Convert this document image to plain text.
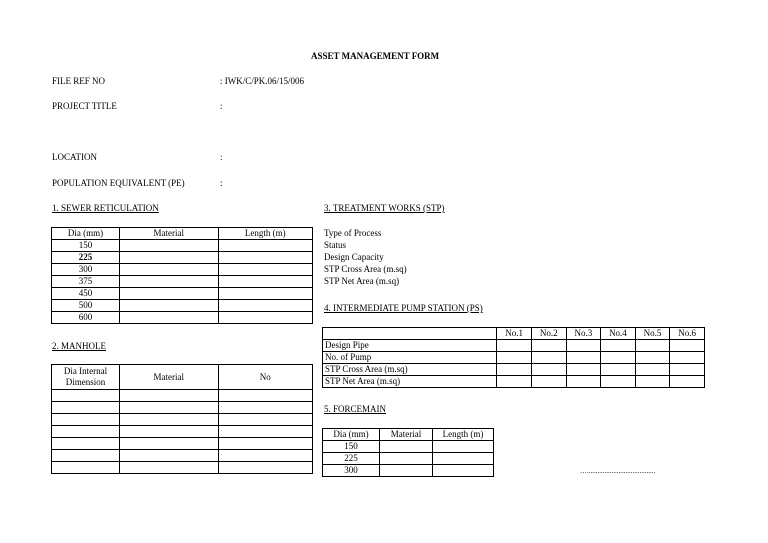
ASSET MANAGEMENT FORM
FILE REF NO	: IWK/C/PK.06/15/006
PROJECT TITLE	:
LOCATION	:
POPULATION EQUIVALENT (PE)	:
1. SEWER RETICULATION
Dia (mm)	Material	Length (m)
150		
225		
300		
375		
450		
500		
600		
2. MANHOLE
Dia Internal
Dimension	Material	No

3. TREATMENT WORKS (STP)
Type of Process
Status
Design Capacity
STP Cross Area (m.sq)
STP Net Area (m.sq)
4. INTERMEDIATE PUMP STATION (PS)
	No.1	No.2	No.3	No.4	No.5	No.6
Design Pipe						
No. of Pump						
STP Cross Area (m.sq)						
STP Net Area (m.sq)						
5. FORCEMAIN
Dia (mm)	Material	Length (m)
150		
225		
300			….......................................
